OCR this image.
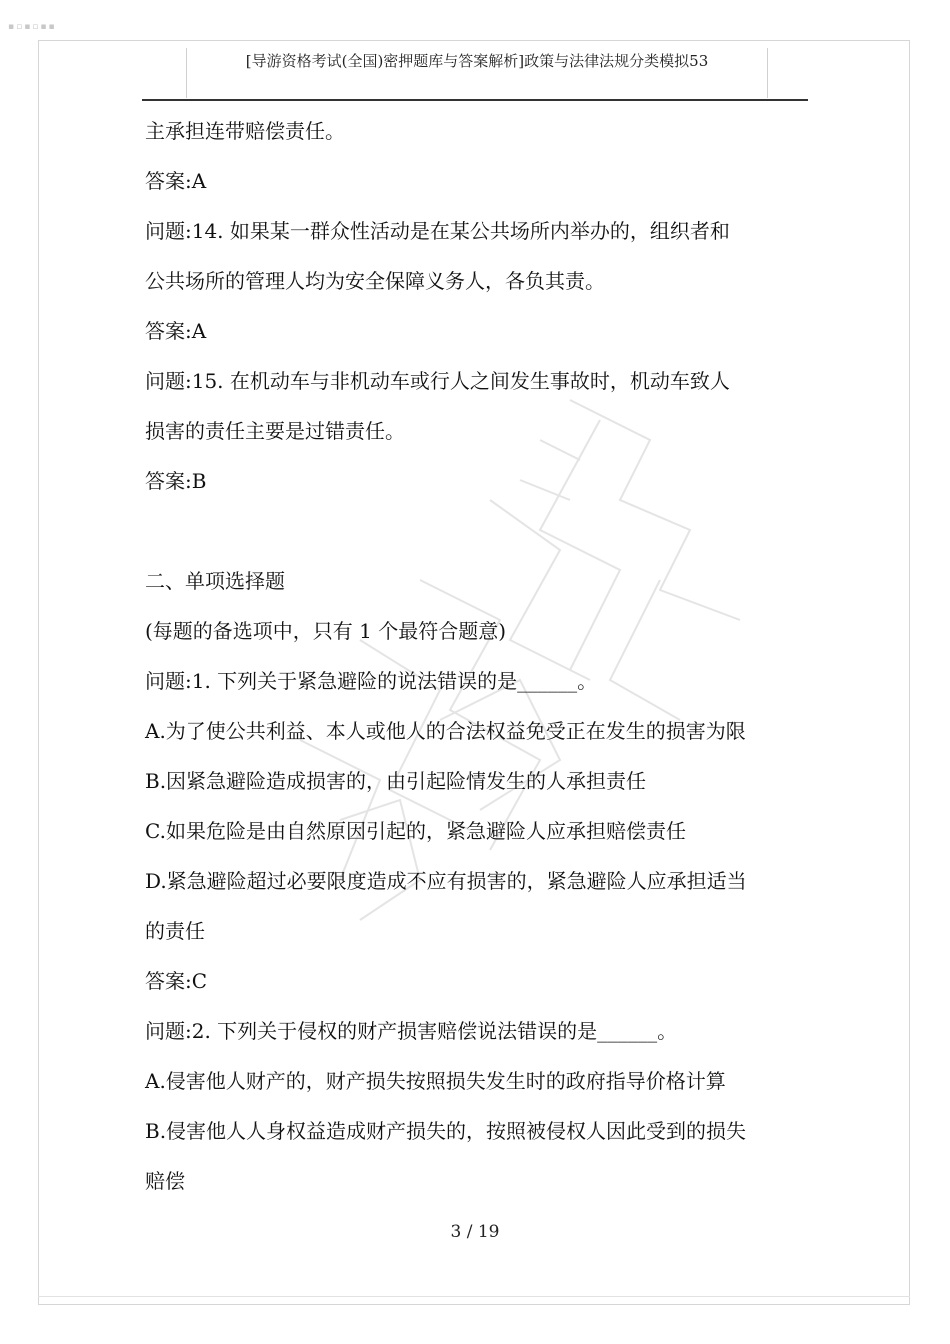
▪▫▪▫▪▪
[导游资格考试(全国)密押题库与答案解析]政策与法律法规分类模拟53
主承担连带赔偿责任。
答案:A
问题:14. 如果某一群众性活动是在某公共场所内举办的，组织者和
公共场所的管理人均为安全保障义务人，各负其责。
答案:A
问题:15. 在机动车与非机动车或行人之间发生事故时，机动车致人
损害的责任主要是过错责任。
答案:B
二、单项选择题
(每题的备选项中，只有 1 个最符合题意)
问题:1. 下列关于紧急避险的说法错误的是______。
A.为了使公共利益、本人或他人的合法权益免受正在发生的损害为限
B.因紧急避险造成损害的，由引起险情发生的人承担责任
C.如果危险是由自然原因引起的，紧急避险人应承担赔偿责任
D.紧急避险超过必要限度造成不应有损害的，紧急避险人应承担适当
的责任
答案:C
问题:2. 下列关于侵权的财产损害赔偿说法错误的是______。
A.侵害他人财产的，财产损失按照损失发生时的政府指导价格计算
B.侵害他人人身权益造成财产损失的，按照被侵权人因此受到的损失
赔偿
3 / 19
